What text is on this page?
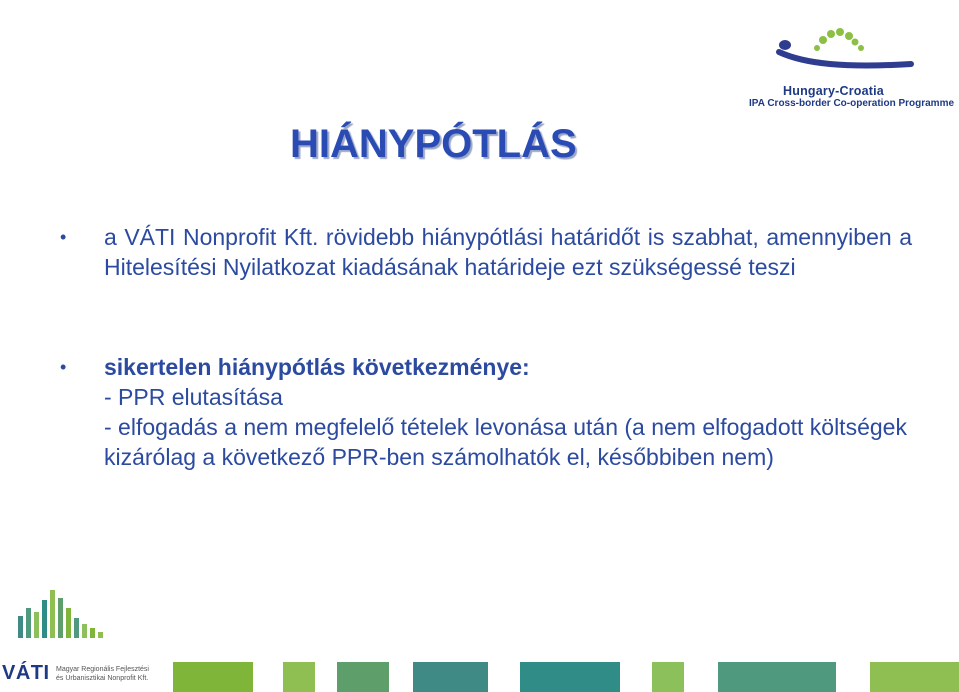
Hungary-Croatia
IPA Cross-border Co-operation Programme
HIÁNYPÓTLÁS
• a VÁTI Nonprofit Kft. rövidebb hiánypótlási határidőt is szabhat, amennyiben a Hitelesítési Nyilatkozat kiadásának határideje ezt szükségessé teszi
• sikertelen hiánypótlás következménye:
- PPR elutasítása
- elfogadás a nem megfelelő tételek levonása után (a nem elfogadott költségek kizárólag a következő PPR-ben számolhatók el, későbbiben nem)
VÁTI Magyar Regionális Fejlesztési
és Urbanisztikai Nonprofit Kft.
